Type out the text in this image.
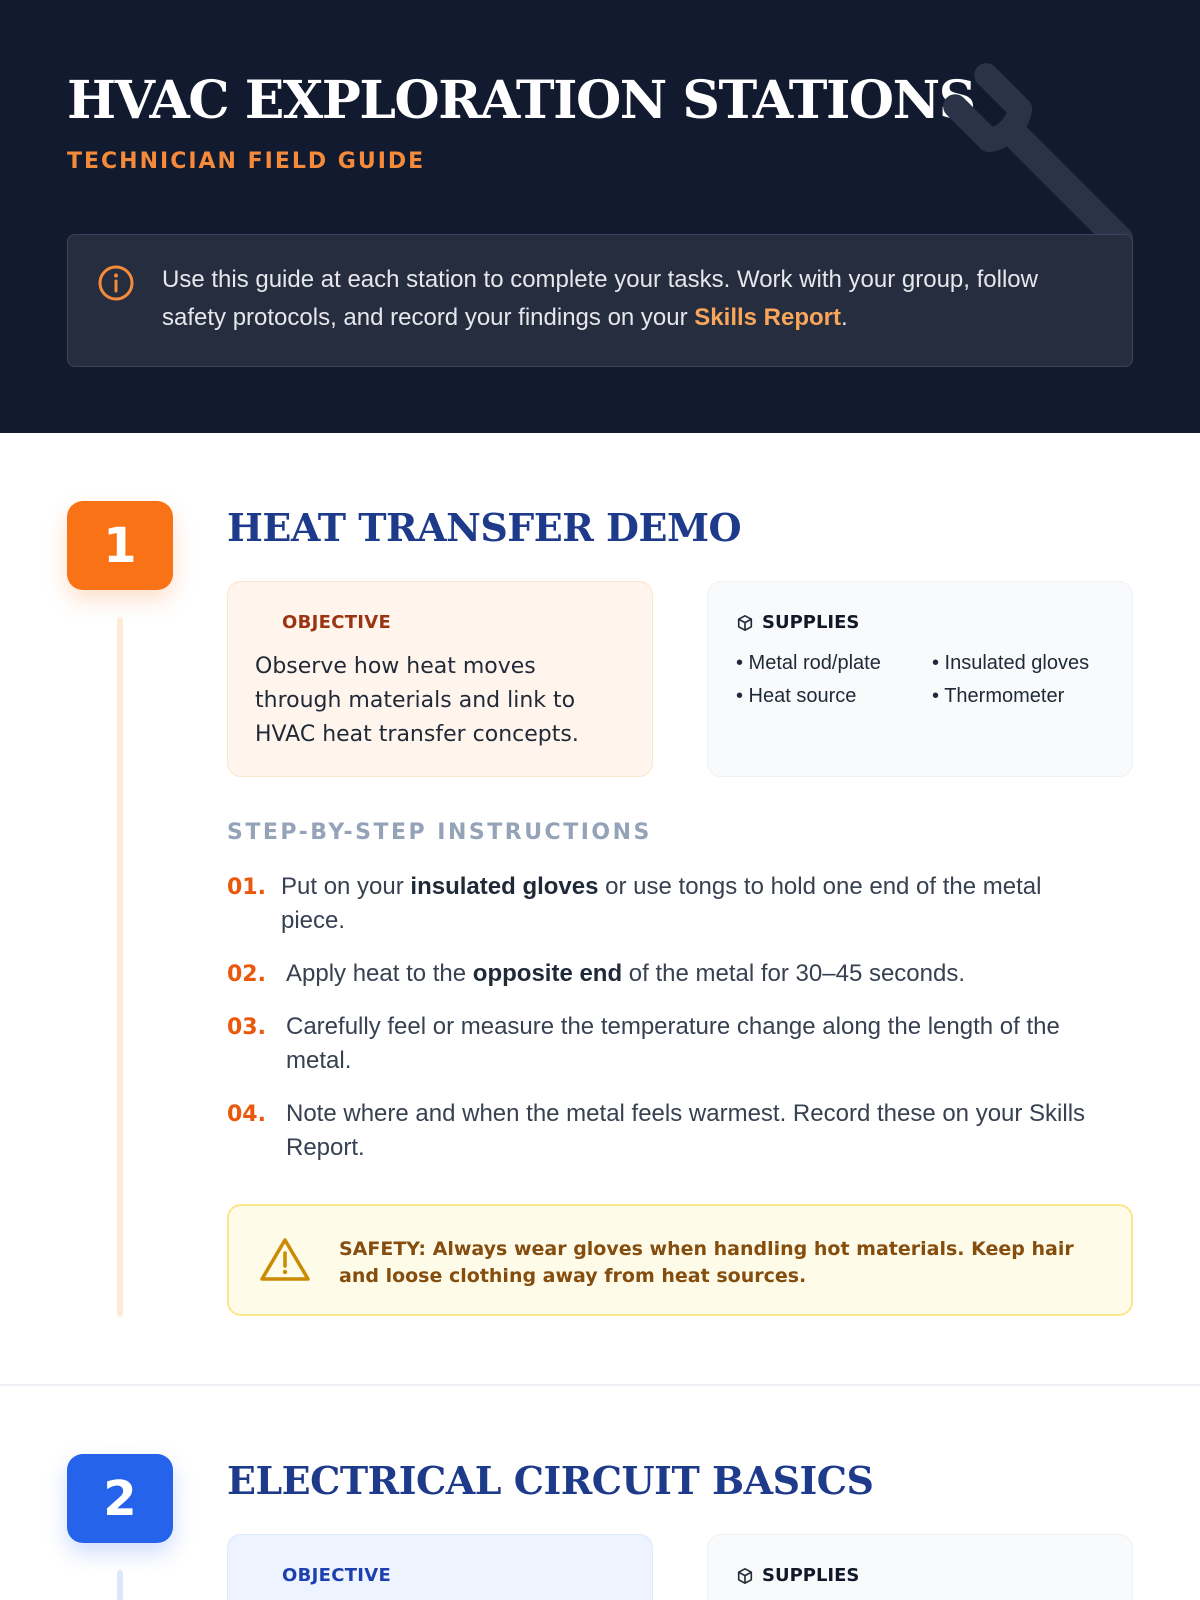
HVAC EXPLORATION STATIONS
TECHNICIAN FIELD GUIDE
Use this guide at each station to complete your tasks. Work with your group, follow safety protocols, and record your findings on your Skills Report.
1	HEAT TRANSFER DEMO
OBJECTIVE
Observe how heat moves through materials and link to HVAC heat transfer concepts.
SUPPLIES
• Metal rod/plate	• Insulated gloves
• Heat source	• Thermometer
STEP-BY-STEP INSTRUCTIONS
01. Put on your insulated gloves or use tongs to hold one end of the metal piece.
02. Apply heat to the opposite end of the metal for 30–45 seconds.
03. Carefully feel or measure the temperature change along the length of the metal.
04. Note where and when the metal feels warmest. Record these on your Skills Report.
SAFETY: Always wear gloves when handling hot materials. Keep hair and loose clothing away from heat sources.
2	ELECTRICAL CIRCUIT BASICS
OBJECTIVE	SUPPLIES
